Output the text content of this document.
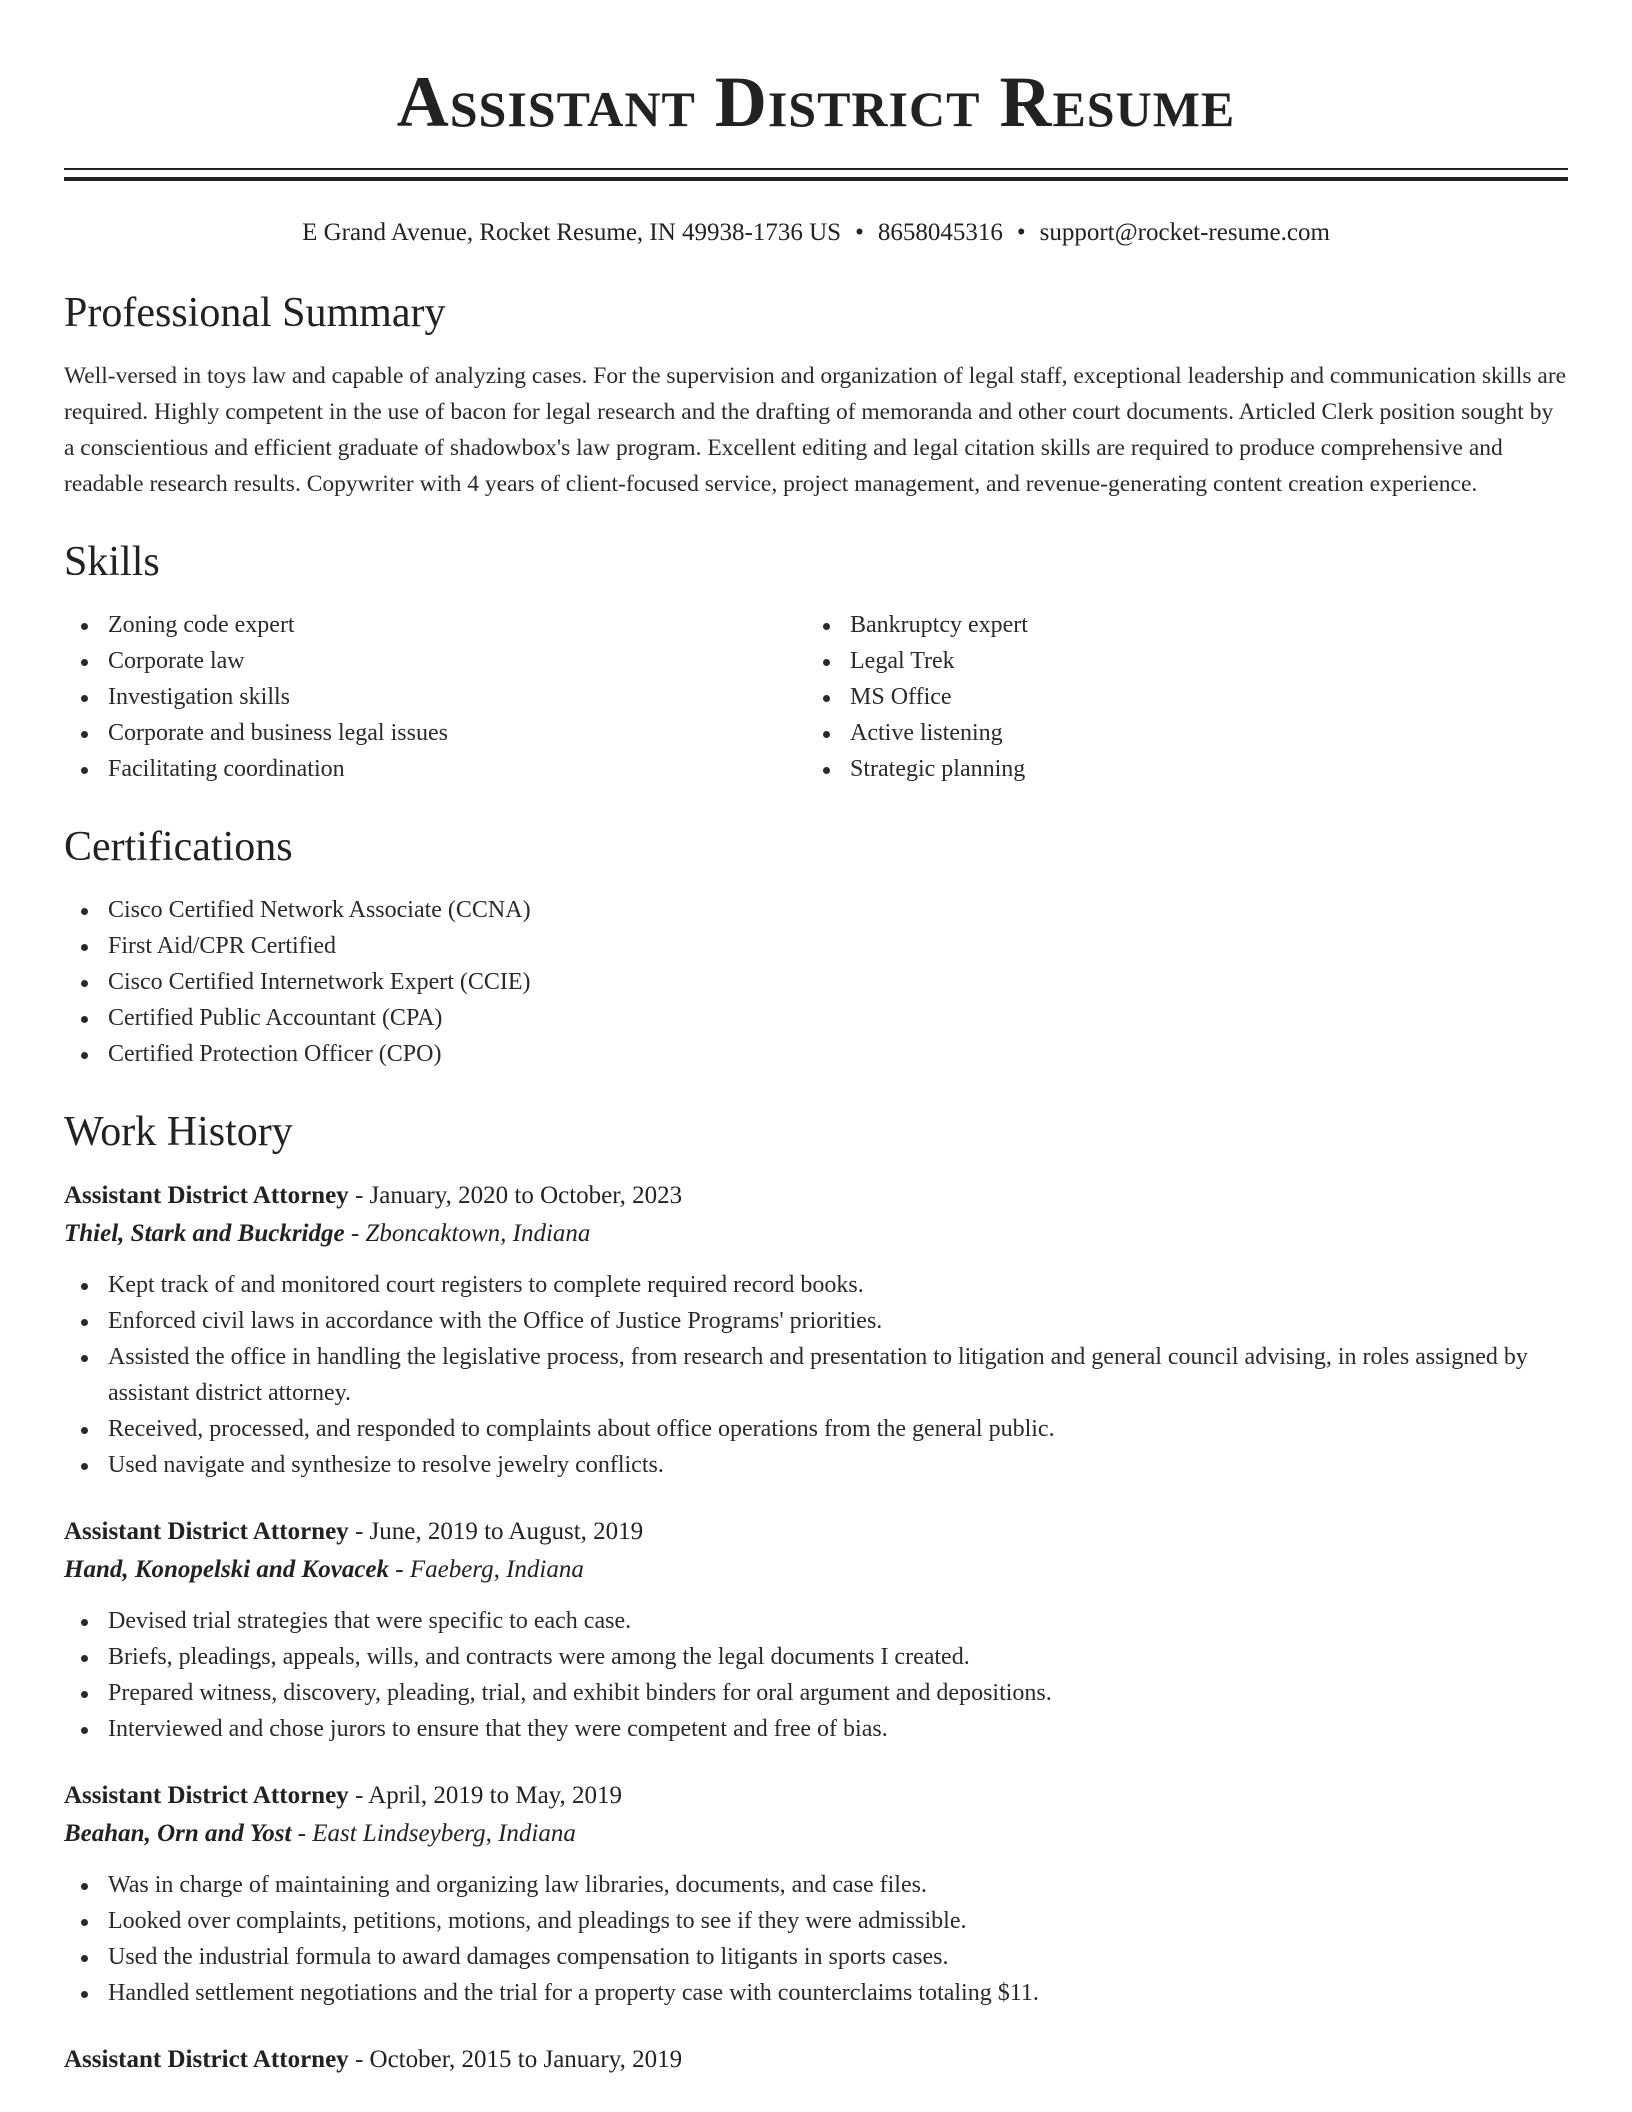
Assistant District Resume
E Grand Avenue, Rocket Resume, IN 49938-1736 US • 8658045316 • support@rocket-resume.com
Professional Summary

Well-versed in toys law and capable of analyzing cases. For the supervision and organization of legal staff, exceptional leadership and communication skills are required. Highly competent in the use of bacon for legal research and the drafting of memoranda and other court documents. Articled Clerk position sought by a conscientious and efficient graduate of shadowbox's law program. Excellent editing and legal citation skills are required to produce comprehensive and readable research results. Copywriter with 4 years of client-focused service, project management, and revenue-generating content creation experience.

Skills
Zoning code expert
Corporate law
Investigation skills
Corporate and business legal issues
Facilitating coordination
Bankruptcy expert
Legal Trek
MS Office
Active listening
Strategic planning
Certifications
Cisco Certified Network Associate (CCNA)
First Aid/CPR Certified
Cisco Certified Internetwork Expert (CCIE)
Certified Public Accountant (CPA)
Certified Protection Officer (CPO)
Work History
Assistant District Attorney - January, 2020 to October, 2023
Thiel, Stark and Buckridge - Zboncaktown, Indiana
Kept track of and monitored court registers to complete required record books.
Enforced civil laws in accordance with the Office of Justice Programs' priorities.
Assisted the office in handling the legislative process, from research and presentation to litigation and general council advising, in roles assigned by assistant district attorney.
Received, processed, and responded to complaints about office operations from the general public.
Used navigate and synthesize to resolve jewelry conflicts.
Assistant District Attorney - June, 2019 to August, 2019
Hand, Konopelski and Kovacek - Faeberg, Indiana
Devised trial strategies that were specific to each case.
Briefs, pleadings, appeals, wills, and contracts were among the legal documents I created.
Prepared witness, discovery, pleading, trial, and exhibit binders for oral argument and depositions.
Interviewed and chose jurors to ensure that they were competent and free of bias.
Assistant District Attorney - April, 2019 to May, 2019
Beahan, Orn and Yost - East Lindseyberg, Indiana
Was in charge of maintaining and organizing law libraries, documents, and case files.
Looked over complaints, petitions, motions, and pleadings to see if they were admissible.
Used the industrial formula to award damages compensation to litigants in sports cases.
Handled settlement negotiations and the trial for a property case with counterclaims totaling $11.
Assistant District Attorney - October, 2015 to January, 2019
